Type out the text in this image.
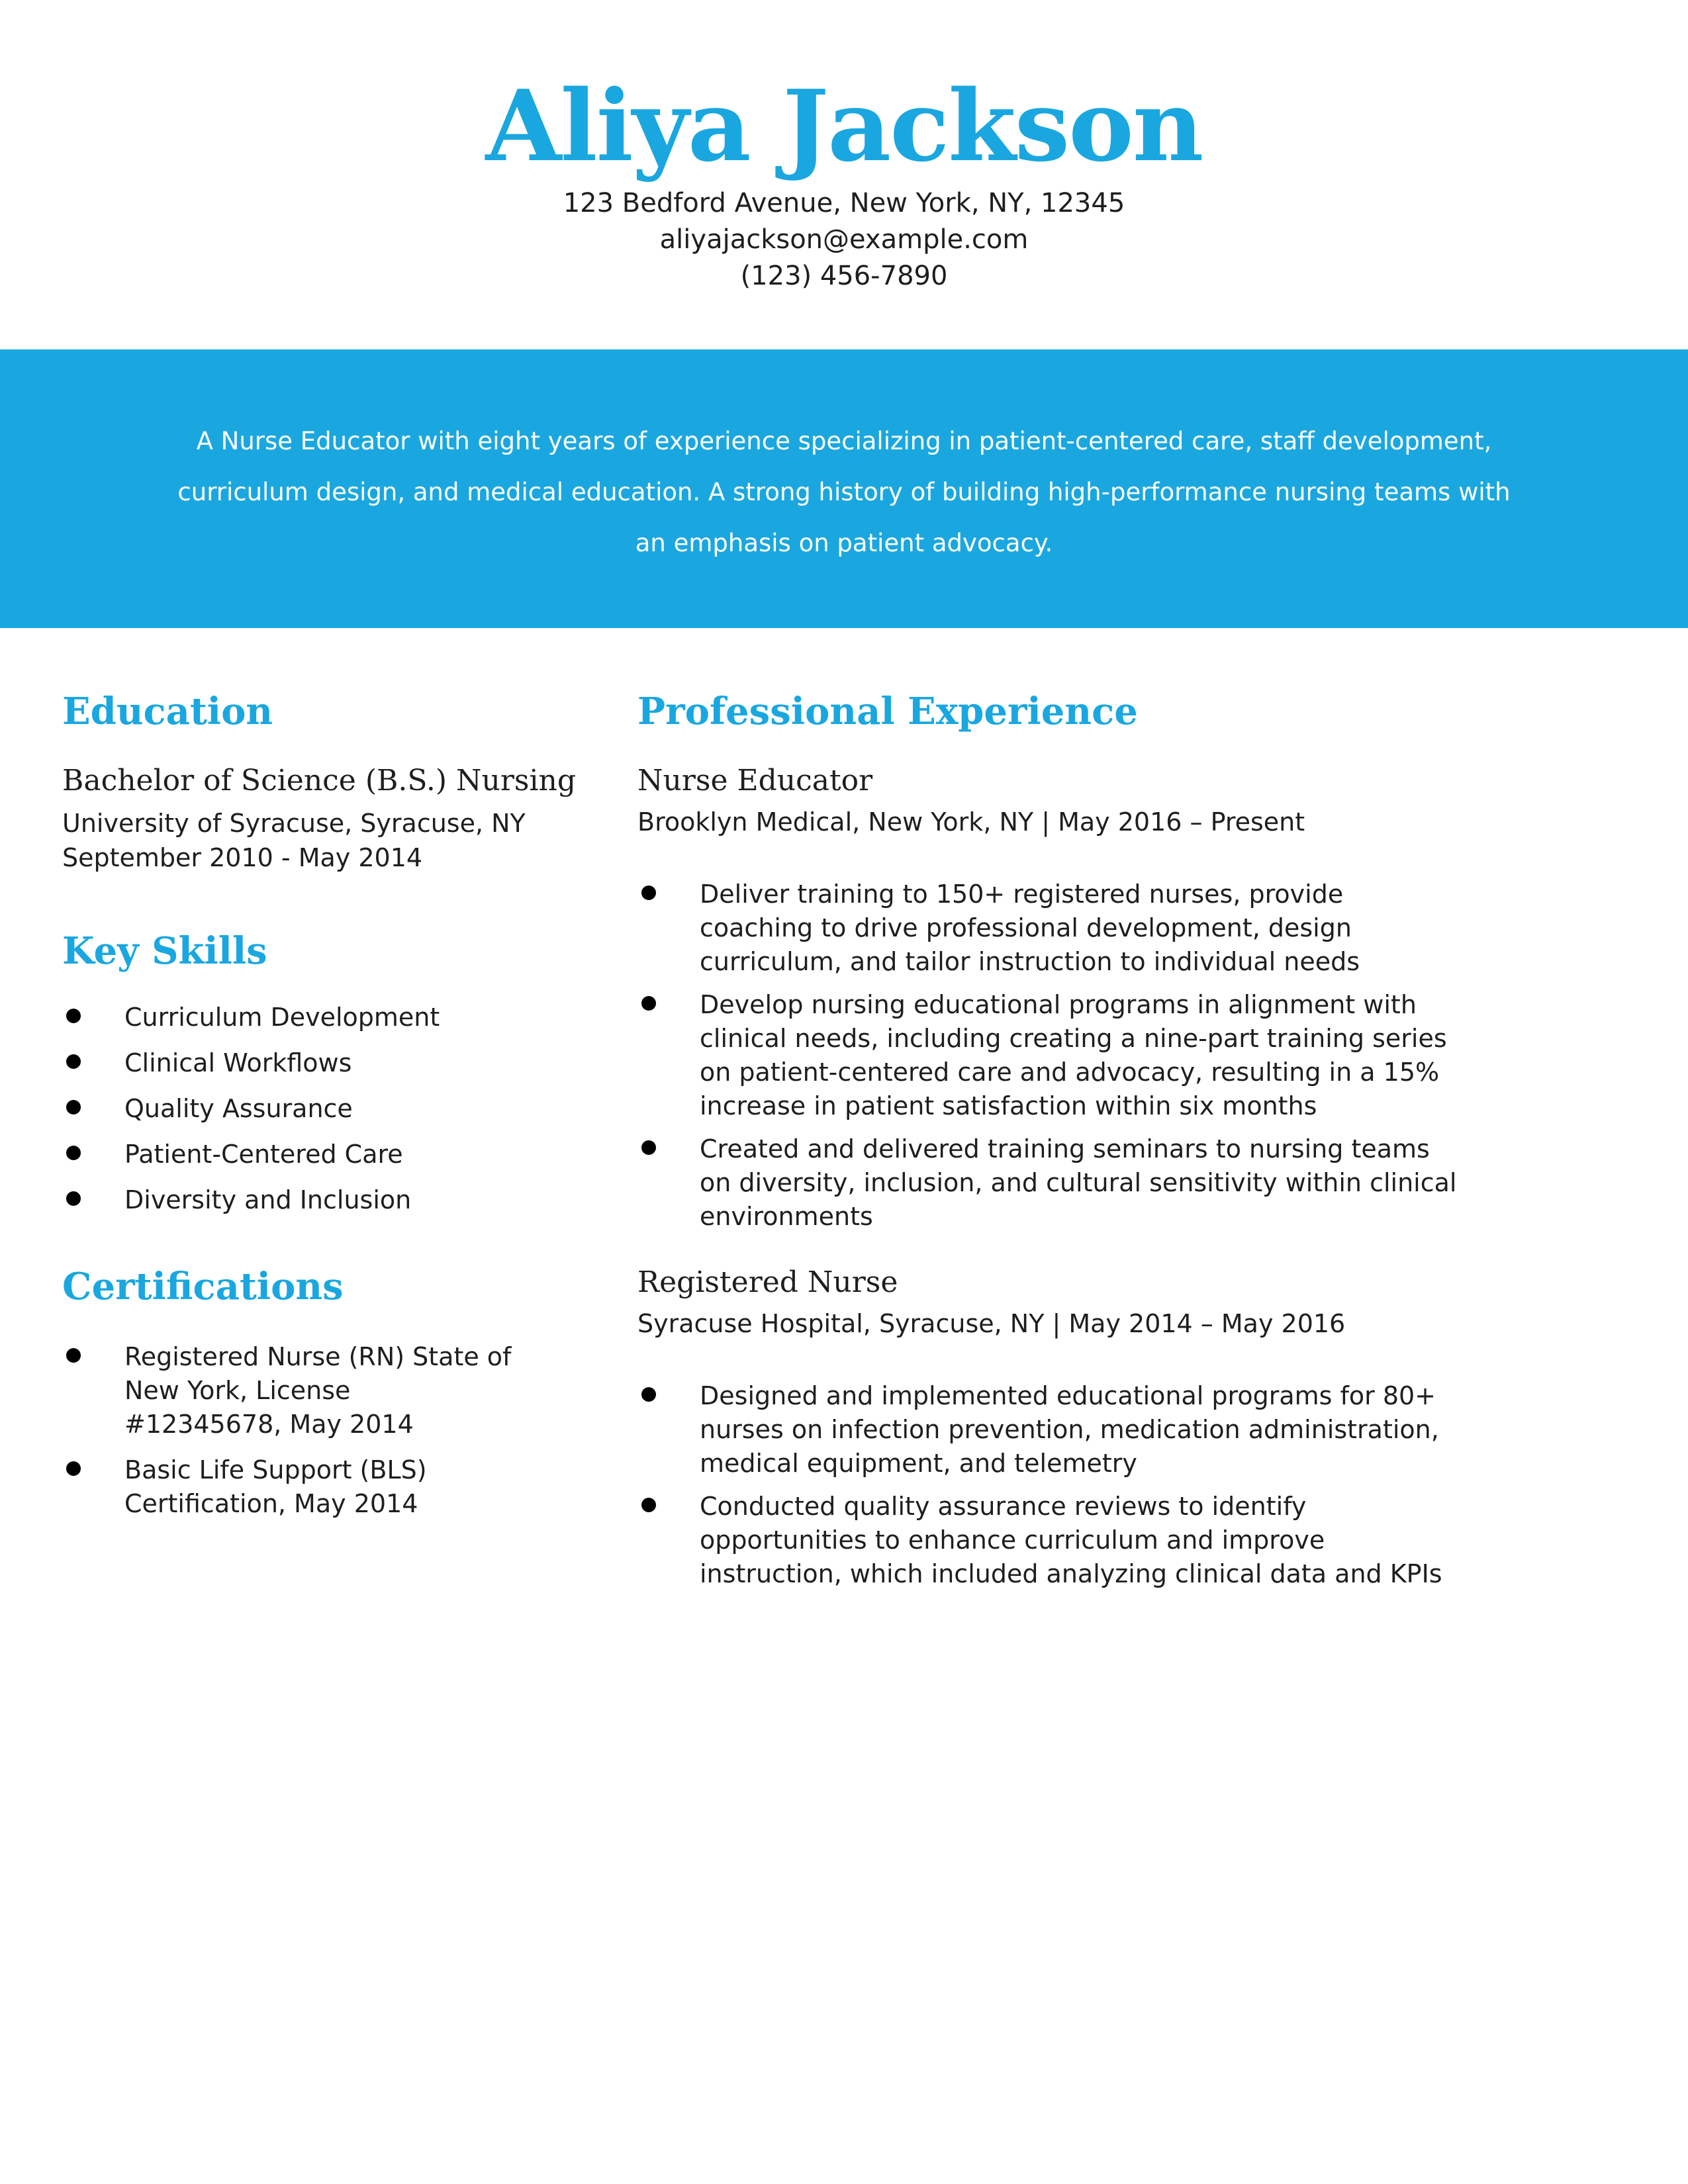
Aliya Jackson
123 Bedford Avenue, New York, NY, 12345
aliyajackson@example.com
(123) 456-7890
A Nurse Educator with eight years of experience specializing in patient-centered care, staff development, curriculum design, and medical education. A strong history of building high-performance nursing teams with an emphasis on patient advocacy.
Education
Bachelor of Science (B.S.) Nursing
University of Syracuse, Syracuse, NY
September 2010 - May 2014
Key Skills
Curriculum Development
Clinical Workflows
Quality Assurance
Patient-Centered Care
Diversity and Inclusion
Certifications
Registered Nurse (RN) State of New York, License #12345678, May 2014
Basic Life Support (BLS) Certification, May 2014
Professional Experience
Nurse Educator
Brooklyn Medical, New York, NY | May 2016 – Present
Deliver training to 150+ registered nurses, provide coaching to drive professional development, design curriculum, and tailor instruction to individual needs
Develop nursing educational programs in alignment with clinical needs, including creating a nine-part training series on patient-centered care and advocacy, resulting in a 15% increase in patient satisfaction within six months
Created and delivered training seminars to nursing teams on diversity, inclusion, and cultural sensitivity within clinical environments
Registered Nurse
Syracuse Hospital, Syracuse, NY | May 2014 – May 2016
Designed and implemented educational programs for 80+ nurses on infection prevention, medication administration, medical equipment, and telemetry
Conducted quality assurance reviews to identify opportunities to enhance curriculum and improve instruction, which included analyzing clinical data and KPIs
